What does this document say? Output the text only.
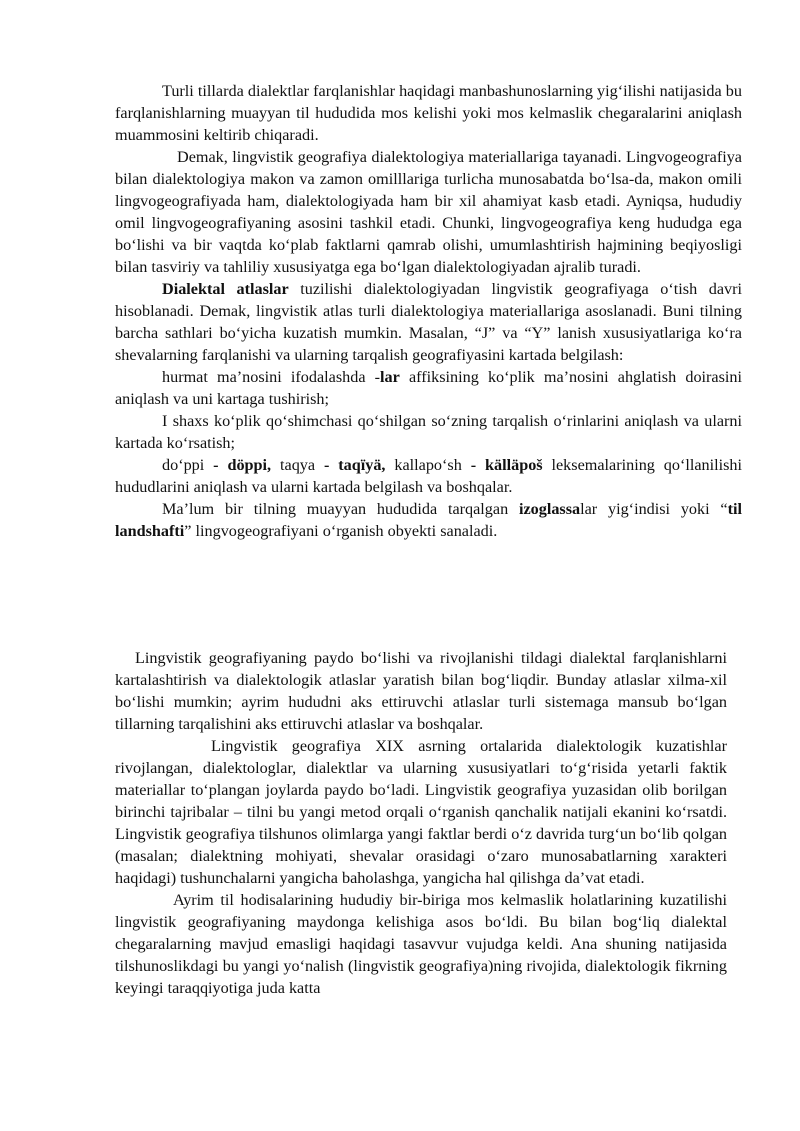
Turli tillarda dialektlar farqlanishlar haqidagi manbashunoslarning yig‘ilishi natijasida bu farqlanishlarning muayyan til hududida mos kelishi yoki mos kelmaslik chegaralarini aniqlash muammosini keltirib chiqaradi.

Demak, lingvistik geografiya dialektologiya materiallariga tayanadi. Lingvogeografiya bilan dialektologiya makon va zamon omilllariga turlicha munosabatda bo‘lsa-da, makon omili lingvogeografiyada ham, dialektologiyada ham bir xil ahamiyat kasb etadi. Ayniqsa, hududiy omil lingvogeografiyaning asosini tashkil etadi. Chunki, lingvogeografiya keng hududga ega bo‘lishi va bir vaqtda ko‘plab faktlarni qamrab olishi, umumlashtirish hajmining beqiyosligi bilan tasviriy va tahliliy xususiyatga ega bo‘lgan dialektologiyadan ajralib turadi.

Dialektal atlaslar tuzilishi dialektologiyadan lingvistik geografiyaga o‘tish davri hisoblanadi. Demak, lingvistik atlas turli dialektologiya materiallariga asoslanadi. Buni tilning barcha sathlari bo‘yicha kuzatish mumkin. Masalan, “J” va “Y” lanish xususiyatlariga ko‘ra shevalarning farqlanishi va ularning tarqalish geografiyasini kartada belgilash:

hurmat ma’nosini ifodalashda -lar affiksining ko‘plik ma’nosini ahglatish doirasini aniqlash va uni kartaga tushirish;

I shaxs ko‘plik qo‘shimchasi qo‘shilgan so‘zning tarqalish o‘rinlarini aniqlash va ularni kartada ko‘rsatish;

do‘ppi - döppi, taqya - taqïyä, kallapo‘sh - källäpoš leksemalarining qo‘llanilishi hududlarini aniqlash va ularni kartada belgilash va boshqalar.

Ma’lum bir tilning muayyan hududida tarqalgan izoglassalar yig‘indisi yoki “til landshafti” lingvogeografiyani o‘rganish obyekti sanaladi.

Lingvistik geografiyaning paydo bo‘lishi va rivojlanishi tildagi dialektal farqlanishlarni kartalashtirish va dialektologik atlaslar yaratish bilan bog‘liqdir. Bunday atlaslar xilma-xil bo‘lishi mumkin; ayrim hududni aks ettiruvchi atlaslar turli sistemaga mansub bo‘lgan tillarning tarqalishini aks ettiruvchi atlaslar va boshqalar.

Lingvistik geografiya XIX asrning ortalarida dialektologik kuzatishlar rivojlangan, dialektologlar, dialektlar va ularning xususiyatlari to‘g‘risida yetarli faktik materiallar to‘plangan joylarda paydo bo‘ladi. Lingvistik geografiya yuzasidan olib borilgan birinchi tajribalar – tilni bu yangi metod orqali o‘rganish qanchalik natijali ekanini ko‘rsatdi. Lingvistik geografiya tilshunos olimlarga yangi faktlar berdi o‘z davrida turg‘un bo‘lib qolgan (masalan; dialektning mohiyati, shevalar orasidagi o‘zaro munosabatlarning xarakteri haqidagi) tushunchalarni yangicha baholashga, yangicha hal qilishga da’vat etadi.

Ayrim til hodisalarining hududiy bir-biriga mos kelmaslik holatlarining kuzatilishi lingvistik geografiyaning maydonga kelishiga asos bo‘ldi. Bu bilan bog‘liq dialektal chegaralarning mavjud emasligi haqidagi tasavvur vujudga keldi. Ana shuning natijasida tilshunoslikdagi bu yangi yo‘nalish (lingvistik geografiya)ning rivojida, dialektologik fikrning keyingi taraqqiyotiga juda katta
